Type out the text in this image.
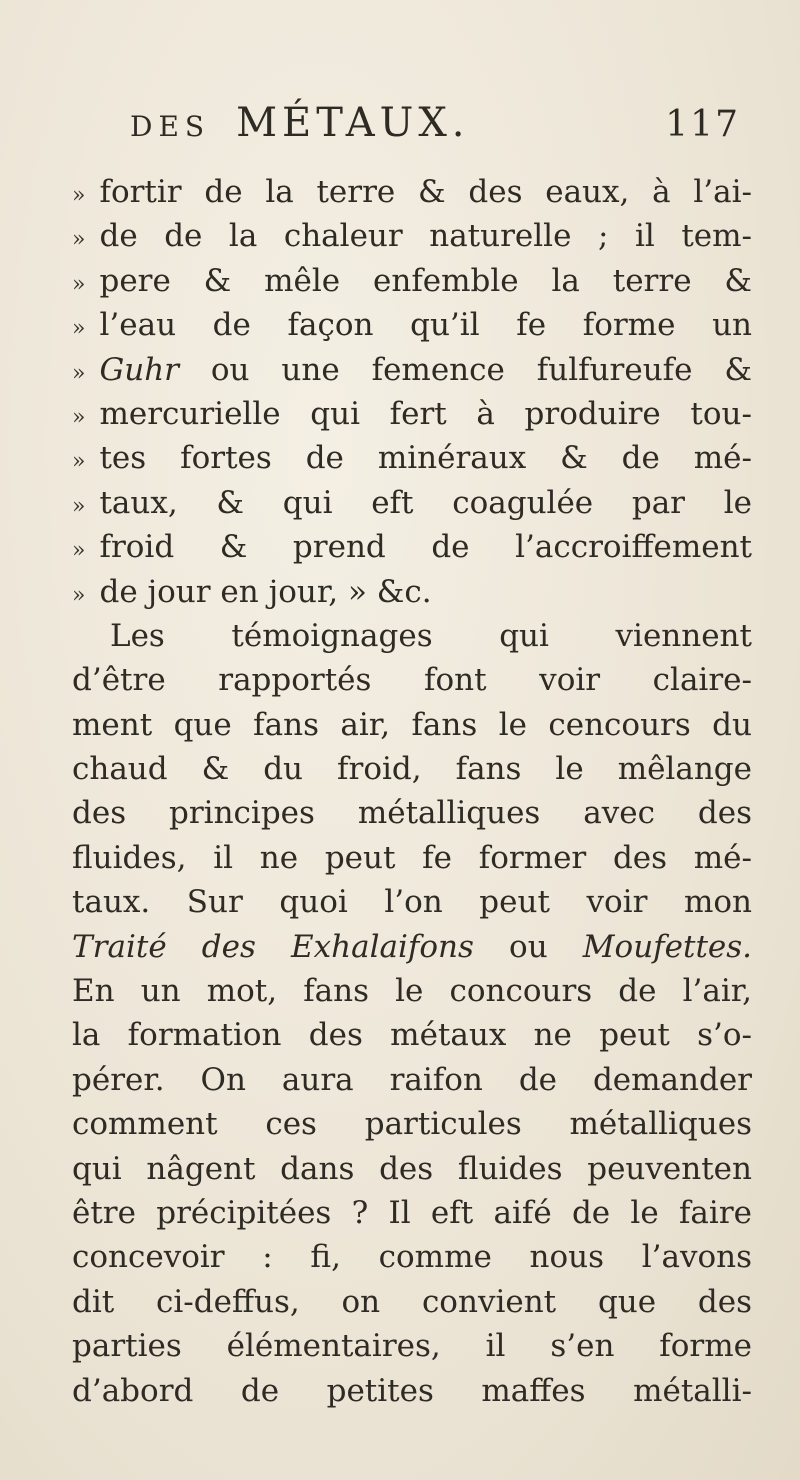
DES MÉTAUX.	117
» fortir de la terre & des eaux, à l’ai-
» de de la chaleur naturelle ; il tem-
» pere & mêle enfemble la terre &
» l’eau de façon qu’il fe forme un
» Guhr ou une femence fulfureufe &
» mercurielle qui fert à produire tou-
» tes fortes de minéraux & de mé-
» taux, & qui eft coagulée par le
» froid & prend de l’accroiffement
» de jour en jour, » &c.
Les témoignages qui viennent
d’être rapportés font voir claire-
ment que fans air, fans le cencours du
chaud & du froid, fans le mêlange
des principes métalliques avec des
fluides, il ne peut fe former des mé-
taux. Sur quoi l’on peut voir mon
Traité des Exhalaifons ou Moufettes.
En un mot, fans le concours de l’air,
la formation des métaux ne peut s’o-
pérer. On aura raifon de demander
comment ces particules métalliques
qui nâgent dans des fluides peuventen
être précipitées ? Il eft aifé de le faire
concevoir : fi, comme nous l’avons
dit ci-deffus, on convient que des
parties élémentaires, il s’en forme
d’abord de petites maffes métalli-
